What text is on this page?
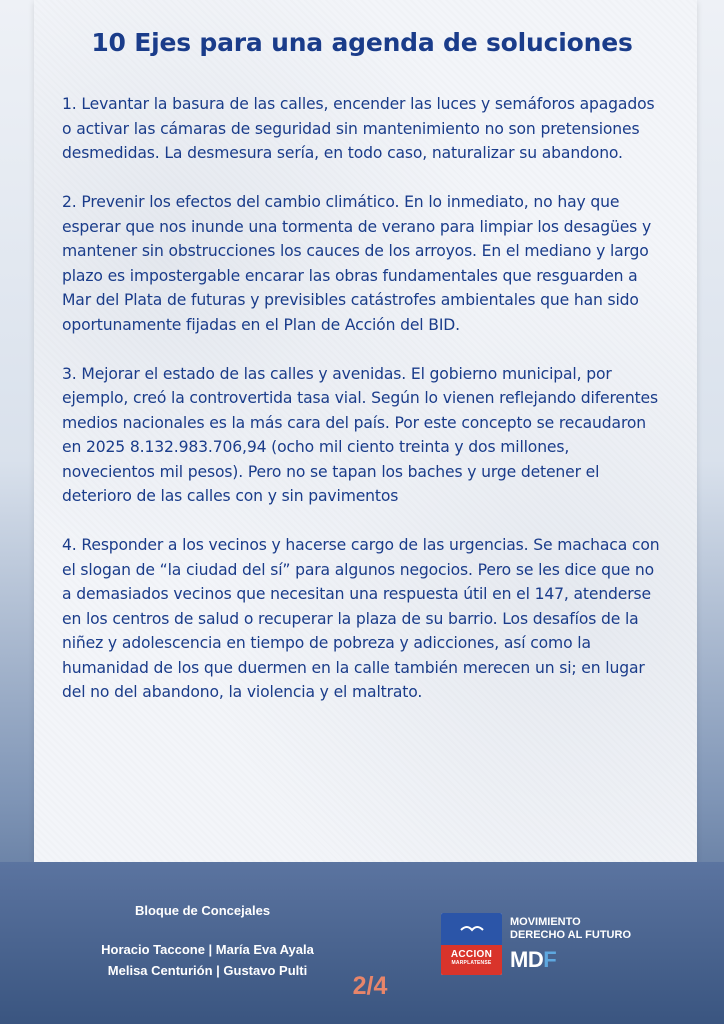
10 Ejes para una agenda de soluciones

1. Levantar la basura de las calles, encender las luces y semáforos apagados o activar las cámaras de seguridad sin mantenimiento no son pretensiones desmedidas. La desmesura sería, en todo caso, naturalizar su abandono.

2. Prevenir los efectos del cambio climático. En lo inmediato, no hay que esperar que nos inunde una tormenta de verano para limpiar los desagües y mantener sin obstrucciones los cauces de los arroyos. En el mediano y largo plazo es impostergable encarar las obras fundamentales que resguarden a Mar del Plata de futuras y previsibles catástrofes ambientales que han sido oportunamente fijadas en el Plan de Acción del BID.

3. Mejorar el estado de las calles y avenidas. El gobierno municipal, por ejemplo, creó la controvertida tasa vial. Según lo vienen reflejando diferentes medios nacionales es la más cara del país. Por este concepto se recaudaron en 2025 8.132.983.706,94 (ocho mil ciento treinta y dos millones, novecientos mil pesos). Pero no se tapan los baches y urge detener el deterioro de las calles con y sin pavimentos

4. Responder a los vecinos y hacerse cargo de las urgencias. Se machaca con el slogan de “la ciudad del sí” para algunos negocios. Pero se les dice que no a demasiados vecinos que necesitan una respuesta útil en el 147, atenderse en los centros de salud o recuperar la plaza de su barrio. Los desafíos de la niñez y adolescencia en tiempo de pobreza y adicciones, así como la humanidad de los que duermen en la calle también merecen un si; en lugar del no del abandono, la violencia y el maltrato.

Bloque de Concejales
Horacio Taccone | María Eva Ayala
Melisa Centurión | Gustavo Pulti
2/4
ACCION
MARPLATENSE
MOVIMIENTO
DERECHO AL FUTURO
MDF
